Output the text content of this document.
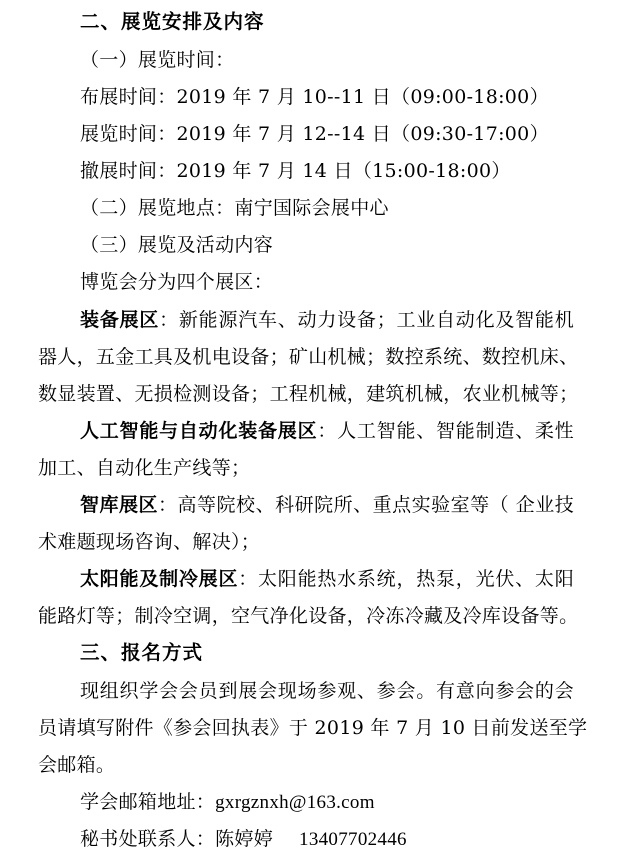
二、展览安排及内容
（一）展览时间：
布展时间：2019 年 7 月 10--11 日（09:00-18:00）
展览时间：2019 年 7 月 12--14 日（09:30-17:00）
撤展时间：2019 年 7 月 14 日（15:00-18:00）
（二）展览地点：南宁国际会展中心
（三）展览及活动内容
博览会分为四个展区：
装备展区：新能源汽车、动力设备；工业自动化及智能机
器人，五金工具及机电设备；矿山机械；数控系统、数控机床、
数显装置、无损检测设备；工程机械，建筑机械，农业机械等；
人工智能与自动化装备展区：人工智能、智能制造、柔性
加工、自动化生产线等；
智库展区：高等院校、科研院所、重点实验室等（ 企业技
术难题现场咨询、解决）；
太阳能及制冷展区：太阳能热水系统，热泵，光伏、太阳
能路灯等；制冷空调，空气净化设备，冷冻冷藏及冷库设备等。
三、报名方式
现组织学会会员到展会现场参观、参会。有意向参会的会
员请填写附件《参会回执表》于 2019 年 7 月 10 日前发送至学
会邮箱。
学会邮箱地址：gxrgznxh@163.com
秘书处联系人：陈婷婷 13407702446
